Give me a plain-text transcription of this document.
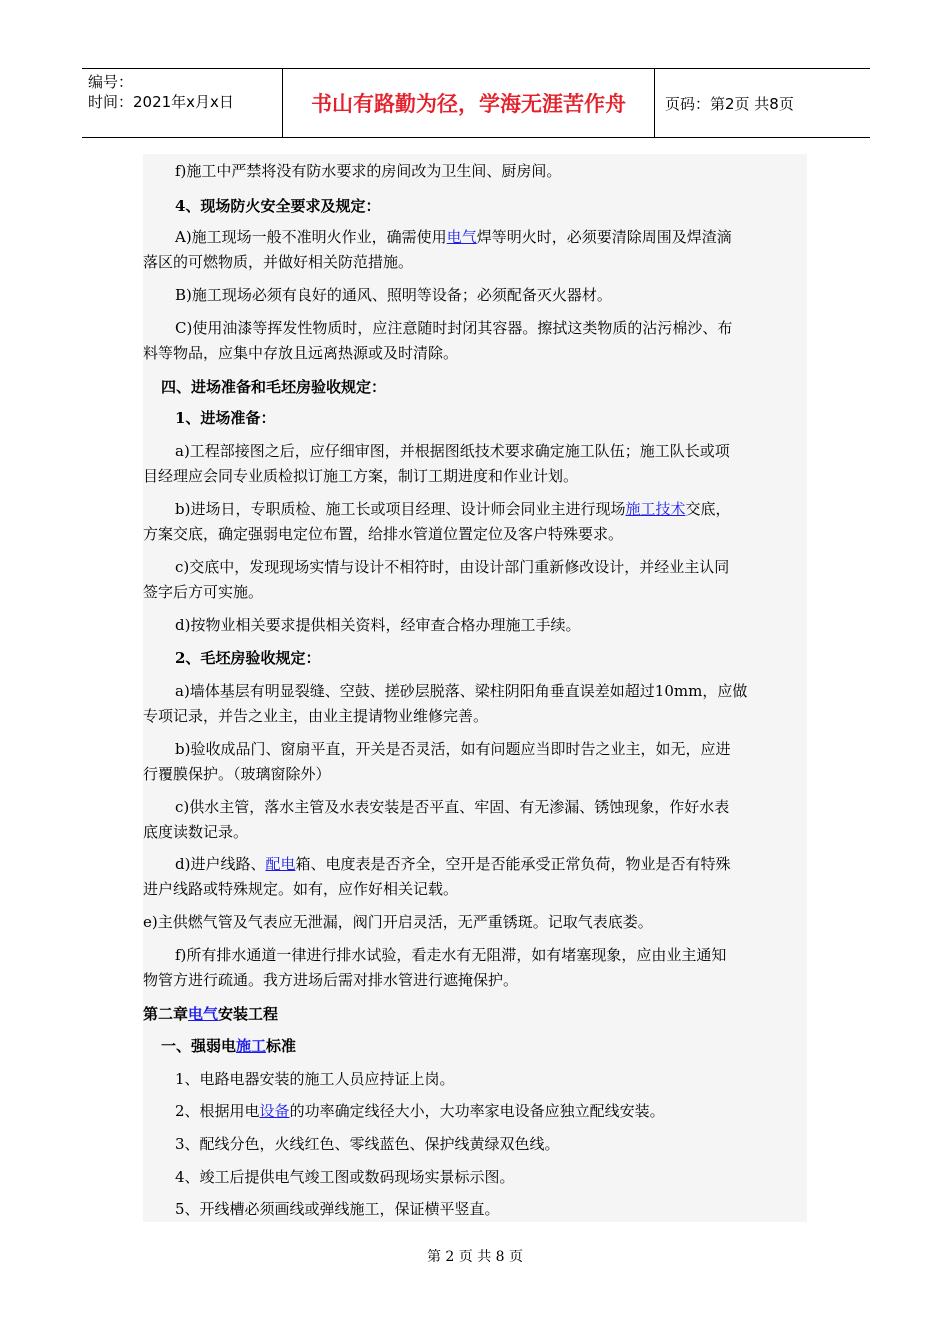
编号：
时间：2021年x月x日	书山有路勤为径，学海无涯苦作舟	页码：第2页 共8页
f)施工中严禁将没有防水要求的房间改为卫生间、厨房间。
4、现场防火安全要求及规定：
A)施工现场一般不准明火作业，确需使用电气焊等明火时，必须要清除周围及焊渣滴
落区的可燃物质，并做好相关防范措施。
B)施工现场必须有良好的通风、照明等设备；必须配备灭火器材。
C)使用油漆等挥发性物质时，应注意随时封闭其容器。擦拭这类物质的沾污棉沙、布
料等物品，应集中存放且远离热源或及时清除。
四、进场准备和毛坯房验收规定：
1、进场准备：
a)工程部接图之后，应仔细审图，并根据图纸技术要求确定施工队伍；施工队长或项
目经理应会同专业质检拟订施工方案，制订工期进度和作业计划。
b)进场日，专职质检、施工长或项目经理、设计师会同业主进行现场施工技术交底，
方案交底，确定强弱电定位布置，给排水管道位置定位及客户特殊要求。
c)交底中，发现现场实情与设计不相符时，由设计部门重新修改设计，并经业主认同
签字后方可实施。
d)按物业相关要求提供相关资料，经审查合格办理施工手续。
2、毛坯房验收规定：
a)墙体基层有明显裂缝、空鼓、搓砂层脱落、梁柱阴阳角垂直误差如超过10mm，应做
专项记录，并告之业主，由业主提请物业维修完善。
b)验收成品门、窗扇平直，开关是否灵活，如有问题应当即时告之业主，如无，应进
行覆膜保护。（玻璃窗除外）
c)供水主管，落水主管及水表安装是否平直、牢固、有无渗漏、锈蚀现象，作好水表
底度读数记录。
d)进户线路、配电箱、电度表是否齐全，空开是否能承受正常负荷，物业是否有特殊
进户线路或特殊规定。如有，应作好相关记载。
e)主供燃气管及气表应无泄漏，阀门开启灵活，无严重锈斑。记取气表底娄。
f)所有排水通道一律进行排水试验，看走水有无阻滞，如有堵塞现象，应由业主通知
物管方进行疏通。我方进场后需对排水管进行遮掩保护。
第二章电气安装工程
一、强弱电施工标准
1、电路电器安装的施工人员应持证上岗。
2、根据用电设备的功率确定线径大小，大功率家电设备应独立配线安装。
3、配线分色，火线红色、零线蓝色、保护线黄绿双色线。
4、竣工后提供电气竣工图或数码现场实景标示图。
5、开线槽必须画线或弹线施工，保证横平竖直。
第 2 页 共 8 页
